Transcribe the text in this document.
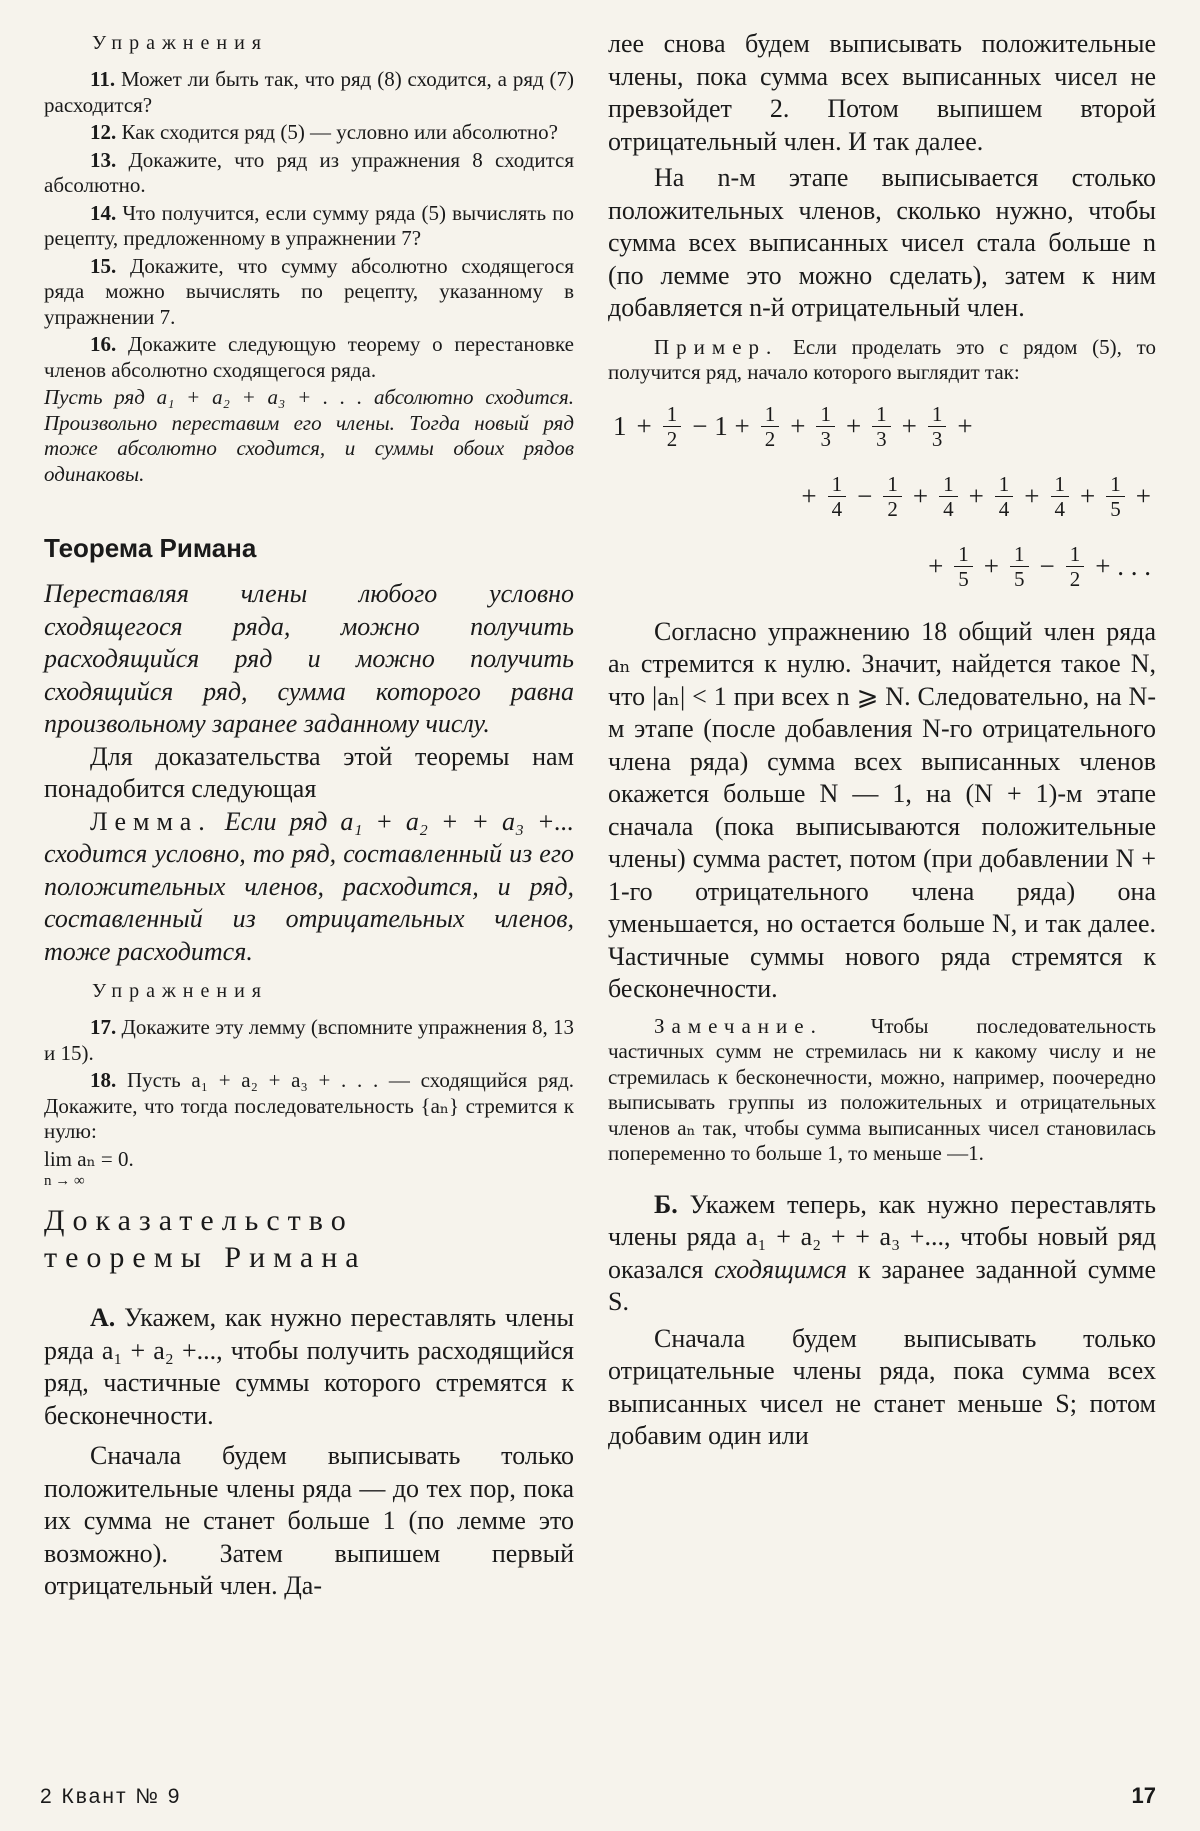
Упражнения

11. Может ли быть так, что ряд (8) сходится, а ряд (7) расходится?

12. Как сходится ряд (5) — условно или абсолютно?

13. Докажите, что ряд из упражнения 8 сходится абсолютно.

14. Что получится, если сумму ряда (5) вычислять по рецепту, предложенному в упражнении 7?

15. Докажите, что сумму абсолютно сходящегося ряда можно вычислять по рецепту, указанному в упражнении 7.

16. Докажите следующую теорему о перестановке членов абсолютно сходящегося ряда.

Пусть ряд a₁ + a₂ + a₃ + . . . абсолютно сходится. Произвольно переставим его члены. Тогда новый ряд тоже абсолютно сходится, и суммы обоих рядов одинаковы.

Теорема Римана

Переставляя члены любого условно сходящегося ряда, можно получить расходящийся ряд и можно получить сходящийся ряд, сумма которого равна произвольному заранее заданному числу.

Для доказательства этой теоремы нам понадобится следующая

Лемма. Если ряд a₁ + a₂ + + a₃ +... сходится условно, то ряд, составленный из его положительных членов, расходится, и ряд, составленный из отрицательных членов, тоже расходится.

Упражнения

17. Докажите эту лемму (вспомните упражнения 8, 13 и 15).

18. Пусть a₁ + a₂ + a₃ + . . . — сходящийся ряд. Докажите, что тогда последовательность {aₙ} стремится к нулю:

lim aₙ = 0.

n → ∞

Доказательство
теоремы Римана

А. Укажем, как нужно переставлять члены ряда a₁ + a₂ +..., чтобы получить расходящийся ряд, частичные суммы которого стремятся к бесконечности.

Сначала будем выписывать только положительные члены ряда — до тех пор, пока их сумма не станет больше 1 (по лемме это возможно). Затем выпишем первый отрицательный член. Да-

лее снова будем выписывать положительные члены, пока сумма всех выписанных чисел не превзойдет 2. Потом выпишем второй отрицательный член. И так далее.

На n-м этапе выписывается столько положительных членов, сколько нужно, чтобы сумма всех выписанных чисел стала больше n (по лемме это можно сделать), затем к ним добавляется n-й отрицательный член.

Пример. Если проделать это с рядом (5), то получится ряд, начало которого выглядит так:

$1 + \frac{1}{2} - 1 + \frac{1}{2} + \frac{1}{3} + \frac{1}{3} + \frac{1}{3}$ +
+ $\frac{1}{4} - \frac{1}{2} + \frac{1}{4} + \frac{1}{4} + \frac{1}{4} + \frac{1}{5}$ +
+ $\frac{1}{5} + \frac{1}{5} - \frac{1}{2}$ + . . .

Согласно упражнению 18 общий член ряда aₙ стремится к нулю. Значит, найдется такое N, что |aₙ| < 1 при всех n ⩾ N. Следовательно, на N-м этапе (после добавления N-го отрицательного члена ряда) сумма всех выписанных членов окажется больше N — 1, на (N + 1)-м этапе сначала (пока выписываются положительные члены) сумма растет, потом (при добавлении N + 1-го отрицательного члена ряда) она уменьшается, но остается больше N, и так далее. Частичные суммы нового ряда стремятся к бесконечности.

Замечание. Чтобы последовательность частичных сумм не стремилась ни к какому числу и не стремилась к бесконечности, можно, например, поочередно выписывать группы из положительных и отрицательных членов aₙ так, чтобы сумма выписанных чисел становилась попеременно то больше 1, то меньше —1.

Б. Укажем теперь, как нужно переставлять члены ряда a₁ + a₂ + + a₃ +..., чтобы новый ряд оказался сходящимся к заранее заданной сумме S.

Сначала будем выписывать только отрицательные члены ряда, пока сумма всех выписанных чисел не станет меньше S; потом добавим один или

2 Квант № 9	17
